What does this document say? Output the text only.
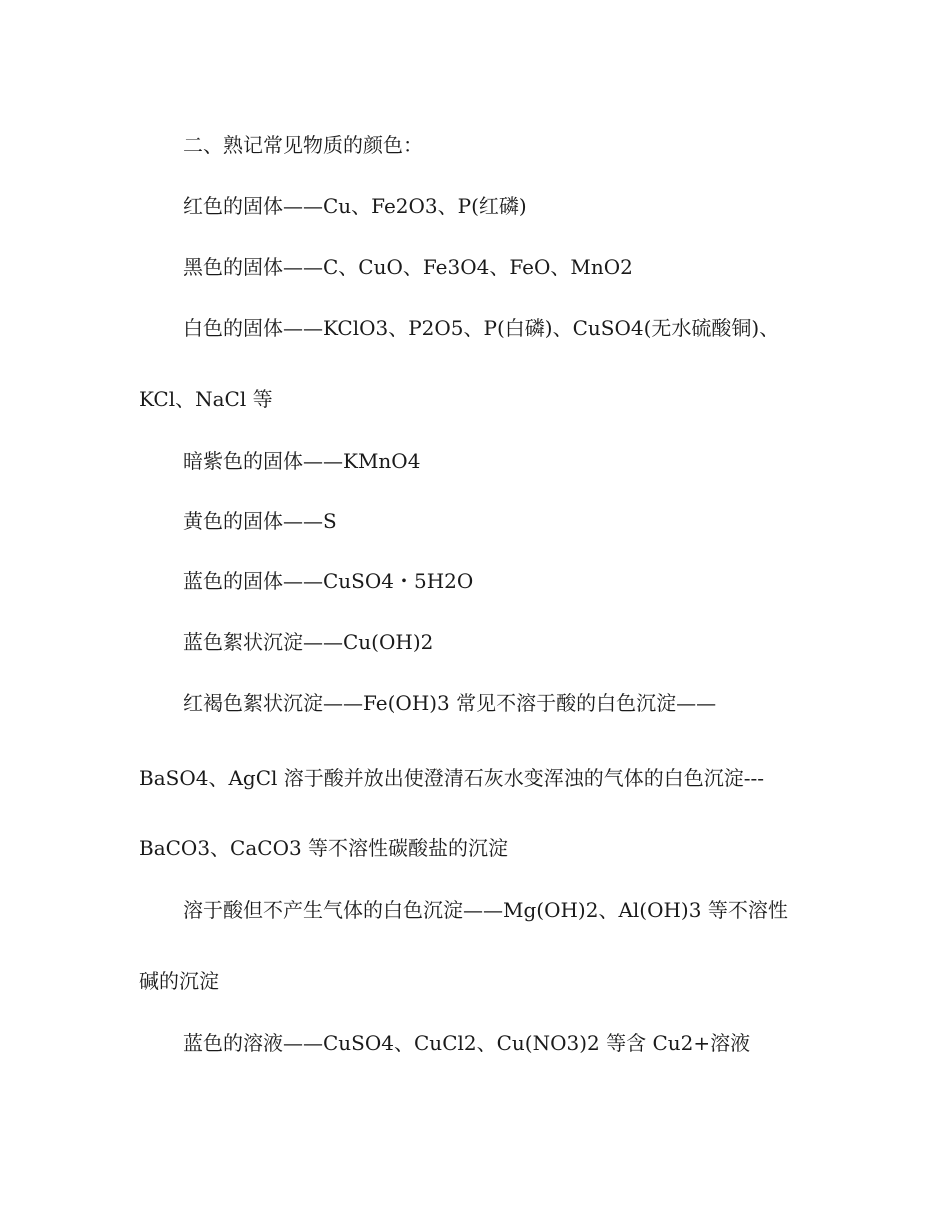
二、熟记常见物质的颜色：
红色的固体——Cu、Fe2O3、P(红磷)
黑色的固体——C、CuO、Fe3O4、FeO、MnO2
白色的固体——KClO3、P2O5、P(白磷)、CuSO4(无水硫酸铜)、
KCl、NaCl 等
暗紫色的固体——KMnO4
黄色的固体——S
蓝色的固体——CuSO4・5H2O
蓝色絮状沉淀——Cu(OH)2
红褐色絮状沉淀——Fe(OH)3 常见不溶于酸的白色沉淀——
BaSO4、AgCl 溶于酸并放出使澄清石灰水变浑浊的气体的白色沉淀---
BaCO3、CaCO3 等不溶性碳酸盐的沉淀
溶于酸但不产生气体的白色沉淀——Mg(OH)2、Al(OH)3 等不溶性
碱的沉淀
蓝色的溶液——CuSO4、CuCl2、Cu(NO3)2 等含 Cu2+溶液
